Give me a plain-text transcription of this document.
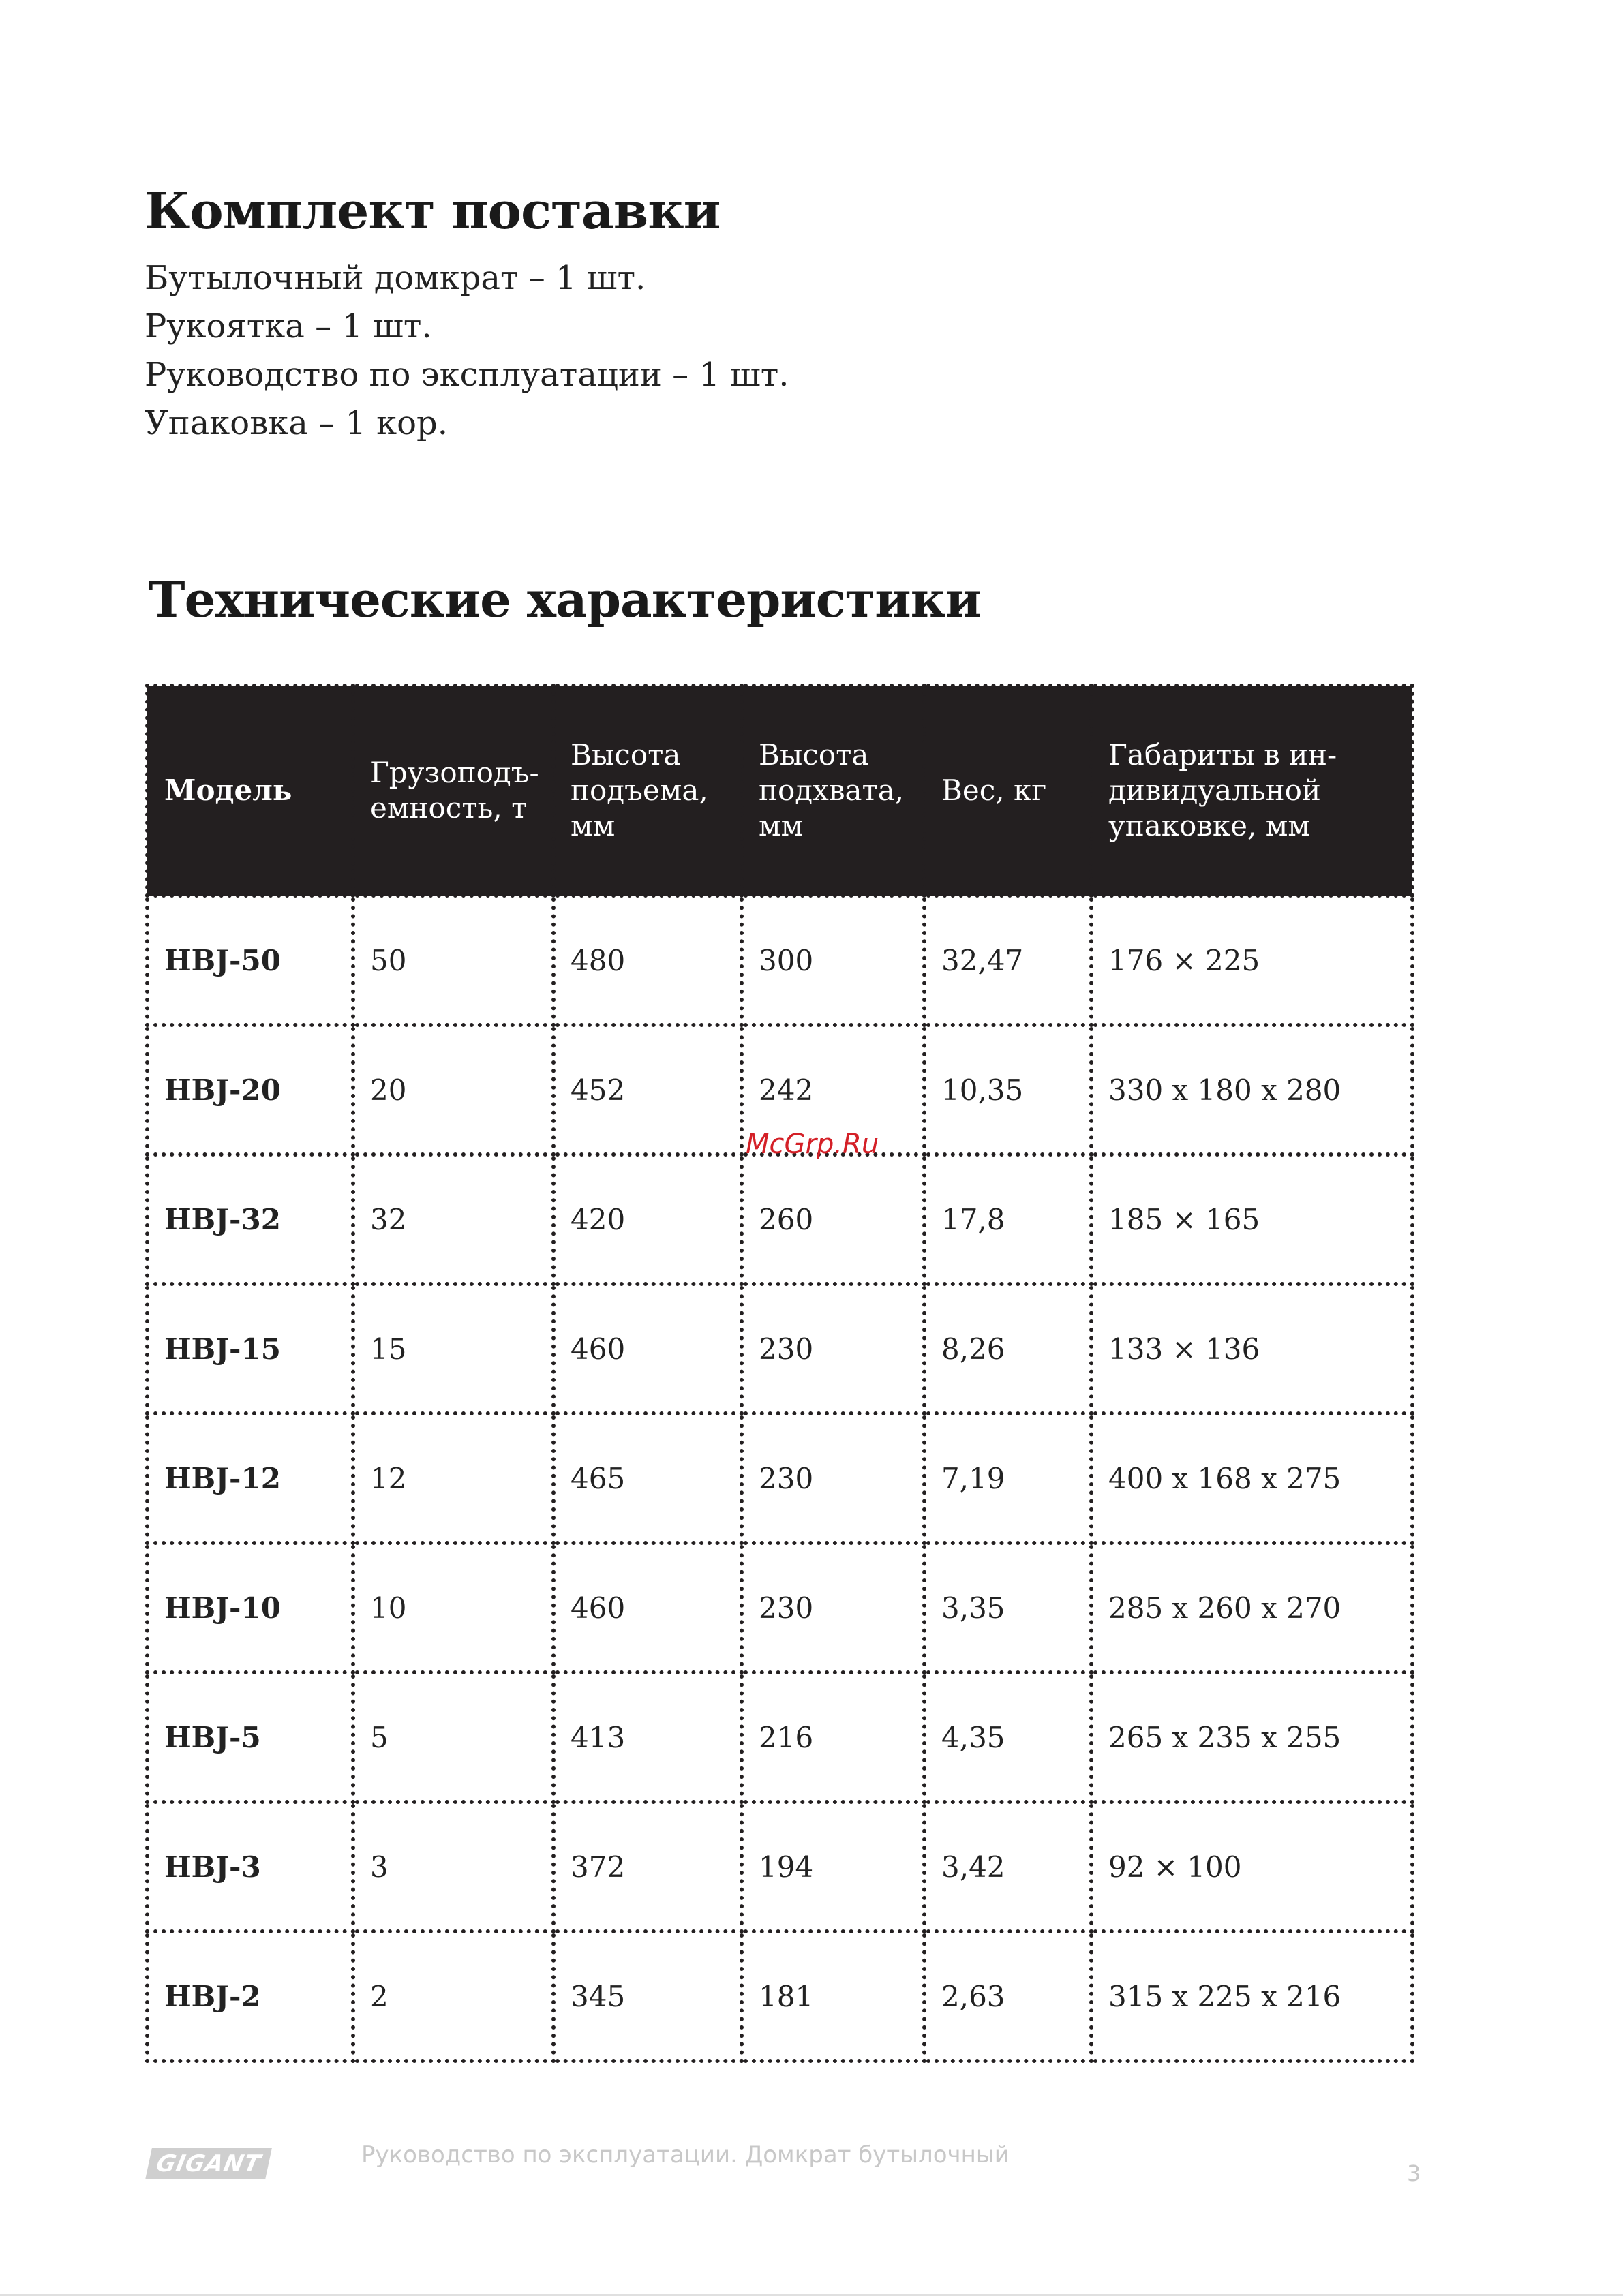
Комплект поставки
Бутылочный домкрат – 1 шт.
Рукоятка – 1 шт.
Руководство по эксплуатации – 1 шт.
Упаковка – 1 кор.
Технические характеристики
Модель	Грузоподъ-емность, т	Высота подъема, мм	Высота подхвата, мм	Вес, кг	Габариты в ин-дивидуальной упаковке, мм
HBJ-50	50	480	300	32,47	176 × 225
HBJ-20	20	452	242	10,35	330 x 180 x 280
HBJ-32	32	420	260	17,8	185 × 165
HBJ-15	15	460	230	8,26	133 × 136
HBJ-12	12	465	230	7,19	400 x 168 x 275
HBJ-10	10	460	230	3,35	285 x 260 x 270
HBJ-5	5	413	216	4,35	265 x 235 x 255
HBJ-3	3	372	194	3,42	92 × 100
HBJ-2	2	345	181	2,63	315 x 225 x 216
McGrp.Ru
GIGANT	Руководство по эксплуатации. Домкрат бутылочный
3
